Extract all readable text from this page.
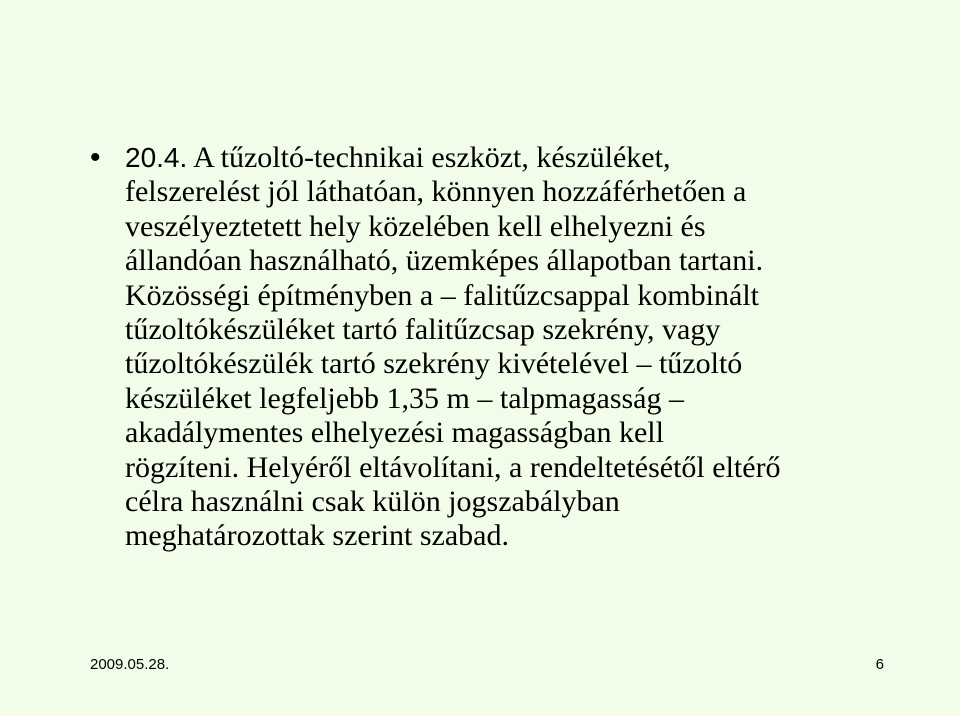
• 20.4. A tűzoltó-technikai eszközt, készüléket,
felszerelést jól láthatóan, könnyen hozzáférhetően a
veszélyeztetett hely közelében kell elhelyezni és
állandóan használható, üzemképes állapotban tartani.
Közösségi építményben a – falitűzcsappal kombinált
tűzoltókészüléket tartó falitűzcsap szekrény, vagy
tűzoltókészülék tartó szekrény kivételével – tűzoltó
készüléket legfeljebb 1,35 m – talpmagasság –
akadálymentes elhelyezési magasságban kell
rögzíteni. Helyéről eltávolítani, a rendeltetésétől eltérő
célra használni csak külön jogszabályban
meghatározottak szerint szabad.
2009.05.28.	6
